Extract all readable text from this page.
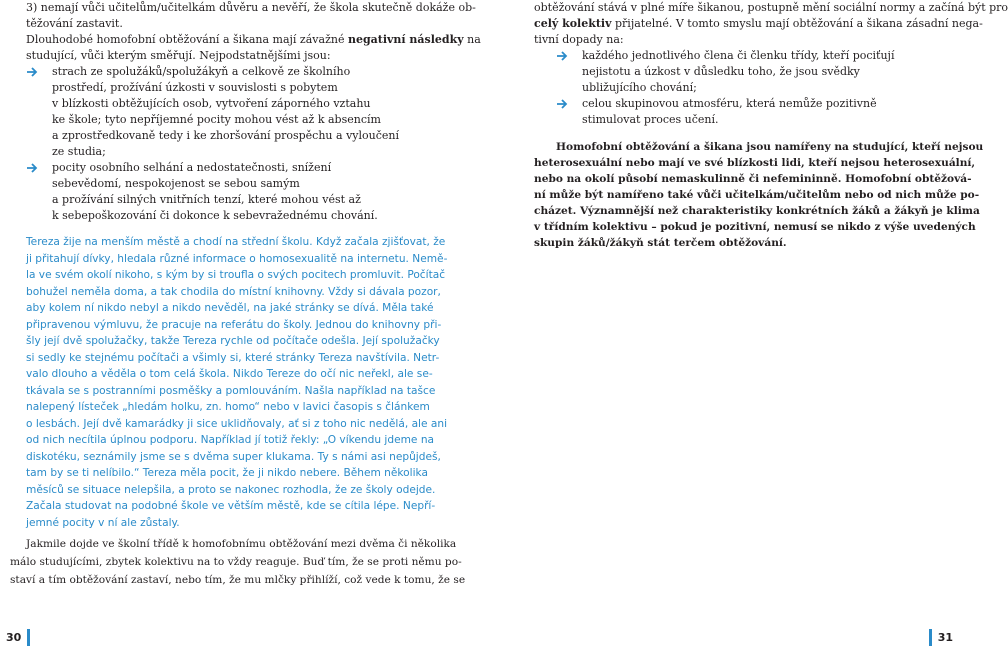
3) nemají vůči učitelům/učitelkám důvěru a nevěří, že škola skutečně dokáže ob-
těžování zastavit.
Dlouhodobé homofobní obtěžování a šikana mají závažné negativní následky na
studující, vůči kterým směřují. Nejpodstatnějšími jsou:
strach ze spolužáků/spolužákyň a celkově ze školního
prostředí, prožívání úzkosti v souvislosti s pobytem
v blízkosti obtěžujících osob, vytvoření záporného vztahu
ke škole; tyto nepříjemné pocity mohou vést až k absencím
a zprostředkovaně tedy i ke zhoršování prospěchu a vyloučení
ze studia;
pocity osobního selhání a nedostatečnosti, snížení
sebevědomí, nespokojenost se sebou samým
a prožívání silných vnitřních tenzí, které mohou vést až
k sebepoškozování či dokonce k sebevražednému chování.
Tereza žije na menším městě a chodí na střední školu. Když začala zjišťovat, že
ji přitahují dívky, hledala různé informace o homosexualitě na internetu. Nemě-
la ve svém okolí nikoho, s kým by si troufla o svých pocitech promluvit. Počítač
bohužel neměla doma, a tak chodila do místní knihovny. Vždy si dávala pozor,
aby kolem ní nikdo nebyl a nikdo nevěděl, na jaké stránky se dívá. Měla také
připravenou výmluvu, že pracuje na referátu do školy. Jednou do knihovny při-
šly její dvě spolužačky, takže Tereza rychle od počítače odešla. Její spolužačky
si sedly ke stejnému počítači a všimly si, které stránky Tereza navštívila. Netr-
valo dlouho a věděla o tom celá škola. Nikdo Tereze do očí nic neřekl, ale se-
tkávala se s postranními posměšky a pomlouváním. Našla například na tašce
nalepený lísteček „hledám holku, zn. homo“ nebo v lavici časopis s článkem
o lesbách. Její dvě kamarádky ji sice uklidňovaly, ať si z toho nic nedělá, ale ani
od nich necítila úplnou podporu. Například jí totiž řekly: „O víkendu jdeme na
diskotéku, seznámily jsme se s dvěma super klukama. Ty s námi asi nepůjdeš,
tam by se ti nelíbilo.“ Tereza měla pocit, že ji nikdo nebere. Během několika
měsíců se situace nelepšila, a proto se nakonec rozhodla, že ze školy odejde.
Začala studovat na podobné škole ve větším městě, kde se cítila lépe. Nepří-
jemné pocity v ní ale zůstaly.
Jakmile dojde ve školní třídě k homofobnímu obtěžování mezi dvěma či několika
málo studujícími, zbytek kolektivu na to vždy reaguje. Buď tím, že se proti němu po-
staví a tím obtěžování zastaví, nebo tím, že mu mlčky přihlíží, což vede k tomu, že se
obtěžování stává v plné míře šikanou, postupně mění sociální normy a začíná být pro
celý kolektiv přijatelné. V tomto smyslu mají obtěžování a šikana zásadní nega-
tivní dopady na:
každého jednotlivého člena či členku třídy, kteří pociťují
nejistotu a úzkost v důsledku toho, že jsou svědky
ubližujícího chování;
celou skupinovou atmosféru, která nemůže pozitivně
stimulovat proces učení.
Homofobní obtěžování a šikana jsou namířeny na studující, kteří nejsou
heterosexuální nebo mají ve své blízkosti lidi, kteří nejsou heterosexuální,
nebo na okolí působí nemaskulinně či nefemininně. Homofobní obtěžová-
ní může být namířeno také vůči učitelkám/učitelům nebo od nich může po-
cházet. Významnější než charakteristiky konkrétních žáků a žákyň je klima
v třídním kolektivu – pokud je pozitivní, nemusí se nikdo z výše uvedených
skupin žáků/žákyň stát terčem obtěžování.
30	31
